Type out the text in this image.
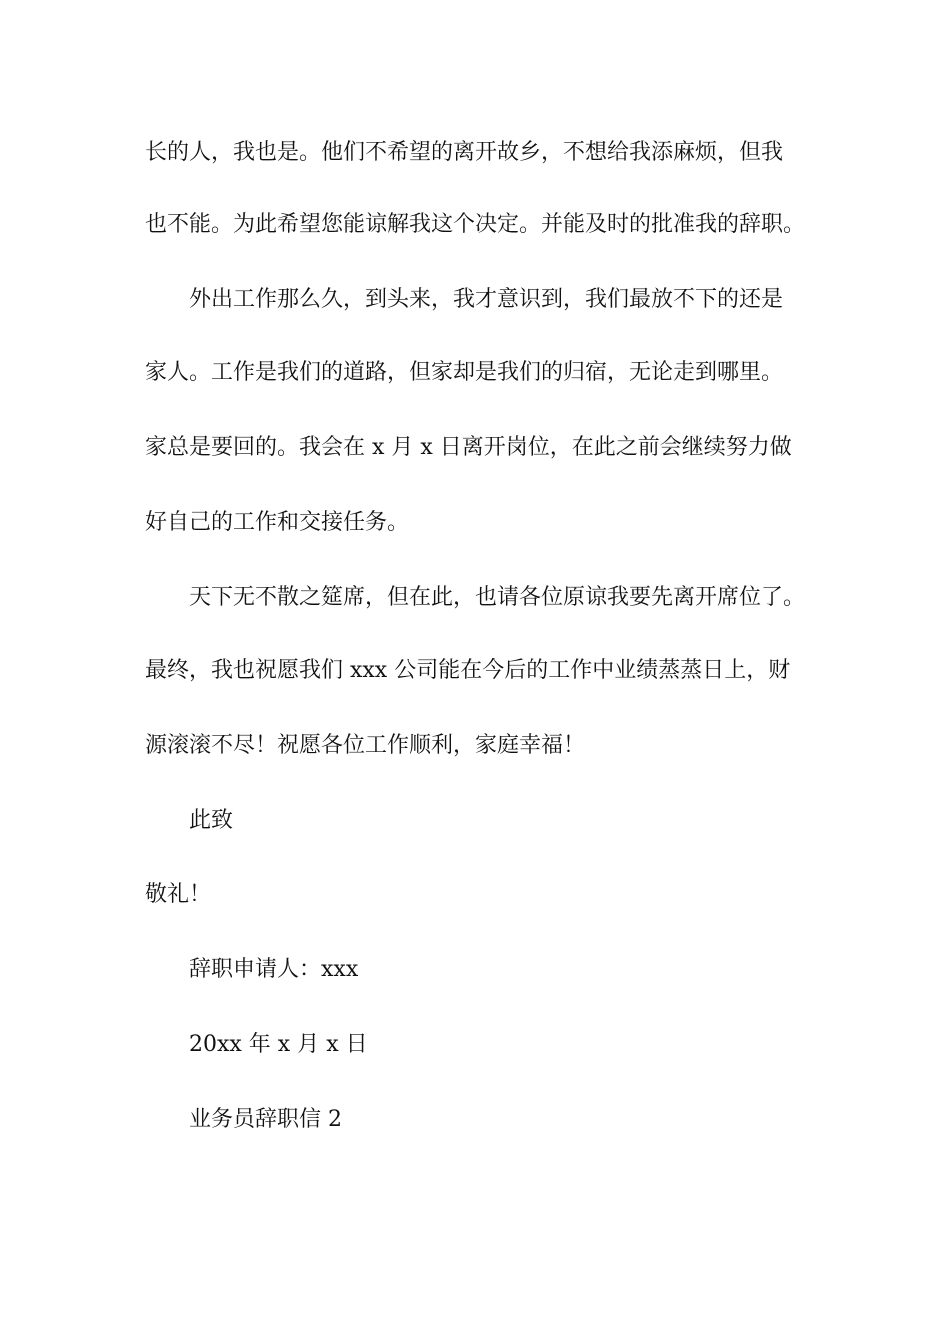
长的人，我也是。他们不希望的离开故乡，不想给我添麻烦，但我

也不能。为此希望您能谅解我这个决定。并能及时的批准我的辞职。

外出工作那么久，到头来，我才意识到，我们最放不下的还是

家人。工作是我们的道路，但家却是我们的归宿，无论走到哪里。

家总是要回的。我会在 x 月 x 日离开岗位，在此之前会继续努力做

好自己的工作和交接任务。

天下无不散之筵席，但在此，也请各位原谅我要先离开席位了。

最终，我也祝愿我们 xxx 公司能在今后的工作中业绩蒸蒸日上，财

源滚滚不尽！祝愿各位工作顺利，家庭幸福！

此致

敬礼！

辞职申请人：xxx

20xx 年 x 月 x 日

业务员辞职信 2
